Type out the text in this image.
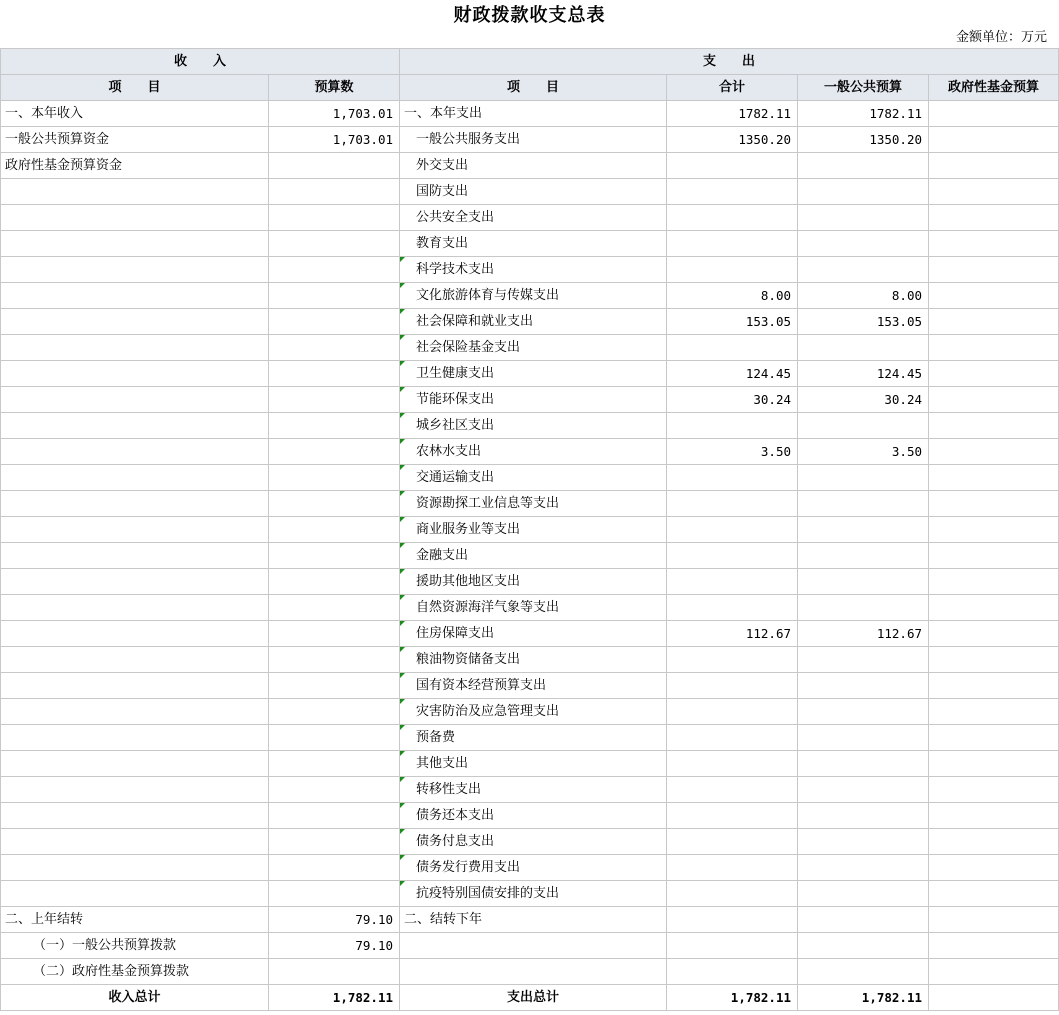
财政拨款收支总表
金额单位：万元
收　　入		支　　出			
项　　目	预算数	项　　目	合计	一般公共预算	政府性基金预算
一、本年收入	1,703.01	一、本年支出	1782.11	1782.11	
一般公共预算资金	1,703.01	一般公共服务支出	1350.20	1350.20	
政府性基金预算资金		外交支出			
		国防支出			
		公共安全支出			
		教育支出			
		科学技术支出			
		文化旅游体育与传媒支出	8.00	8.00	
		社会保障和就业支出	153.05	153.05	
		社会保险基金支出			
		卫生健康支出	124.45	124.45	
		节能环保支出	30.24	30.24	
		城乡社区支出			
		农林水支出	3.50	3.50	
		交通运输支出			
		资源勘探工业信息等支出			
		商业服务业等支出			
		金融支出			
		援助其他地区支出			
		自然资源海洋气象等支出			
		住房保障支出	112.67	112.67	
		粮油物资储备支出			
		国有资本经营预算支出			
		灾害防治及应急管理支出			
		预备费			
		其他支出			
		转移性支出			
		债务还本支出			
		债务付息支出			
		债务发行费用支出			
		抗疫特别国债安排的支出			
二、上年结转	79.10	二、结转下年			
（一）一般公共预算拨款	79.10				
（二）政府性基金预算拨款					
收入总计	1,782.11	支出总计	1,782.11	1,782.11	
